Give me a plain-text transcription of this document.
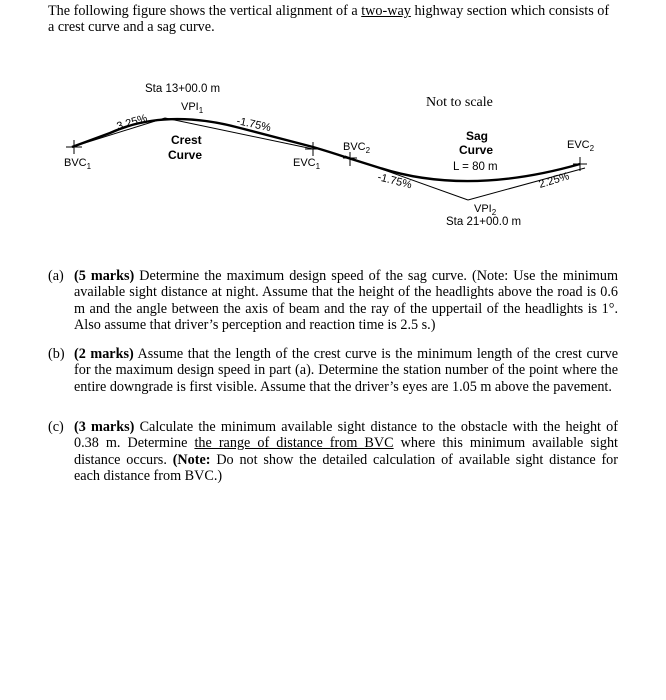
The following figure shows the vertical alignment of a two-way highway section which consists of a crest curve and a sag curve.
Not to scale
$BVC_1$
Sta 13+00.0 m
$VPI_1$
3.25%	-1.75%
Crest
Curve
$EVC_1$
$BVC_2$
-1.75%
Sag
Curve
L = 80 m
$VPI_2$
Sta 21+00.0 m
$EVC_2$
2.25%
(a) (5 marks) Determine the maximum design speed of the sag curve. (Note: Use the minimum available sight distance at night. Assume that the height of the headlights above the road is 0.6 m and the angle between the axis of beam and the ray of the uppertail of the headlights is 1°. Also assume that driver’s perception and reaction time is 2.5 s.)
(b) (2 marks) Assume that the length of the crest curve is the minimum length of the crest curve for the maximum design speed in part (a). Determine the station number of the point where the entire downgrade is first visible. Assume that the driver’s eyes are 1.05 m above the pavement.
(c) (3 marks) Calculate the minimum available sight distance to the obstacle with the height of 0.38 m. Determine the range of distance from BVC where this minimum available sight distance occurs. (Note: Do not show the detailed calculation of available sight distance for each distance from BVC.)
